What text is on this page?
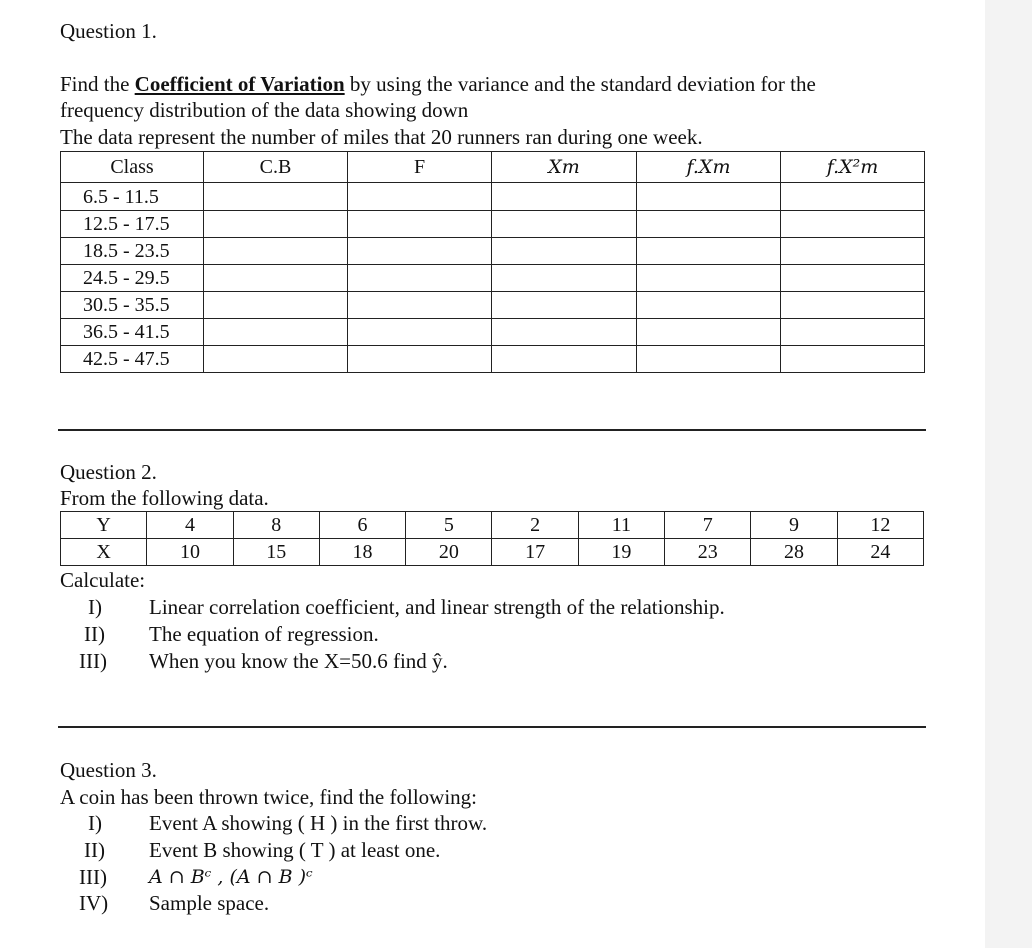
Question 1.
Find the Coefficient of Variation by using the variance and the standard deviation for the
frequency distribution of the data showing down
The data represent the number of miles that 20 runners ran during one week.
Class	C.B	F	Xm	f.Xm	f.X²m
6.5 - 11.5					
12.5 - 17.5					
18.5 - 23.5					
24.5 - 29.5					
30.5 - 35.5					
36.5 - 41.5					
42.5 - 47.5					
Question 2.
From the following data.
Y	4	8	6	5	2	11	7	9	12
X	10	15	18	20	17	19	23	28	24
Calculate:
I)	Linear correlation coefficient, and linear strength of the relationship.
II)	The equation of regression.
III)	When you know the X=50.6 find ŷ.
Question 3.
A coin has been thrown twice, find the following:
I)	Event A showing ( H ) in the first throw.
II)	Event B showing ( T ) at least one.
III)	A ∩ Bᶜ , (A ∩ B )ᶜ
IV)	Sample space.
